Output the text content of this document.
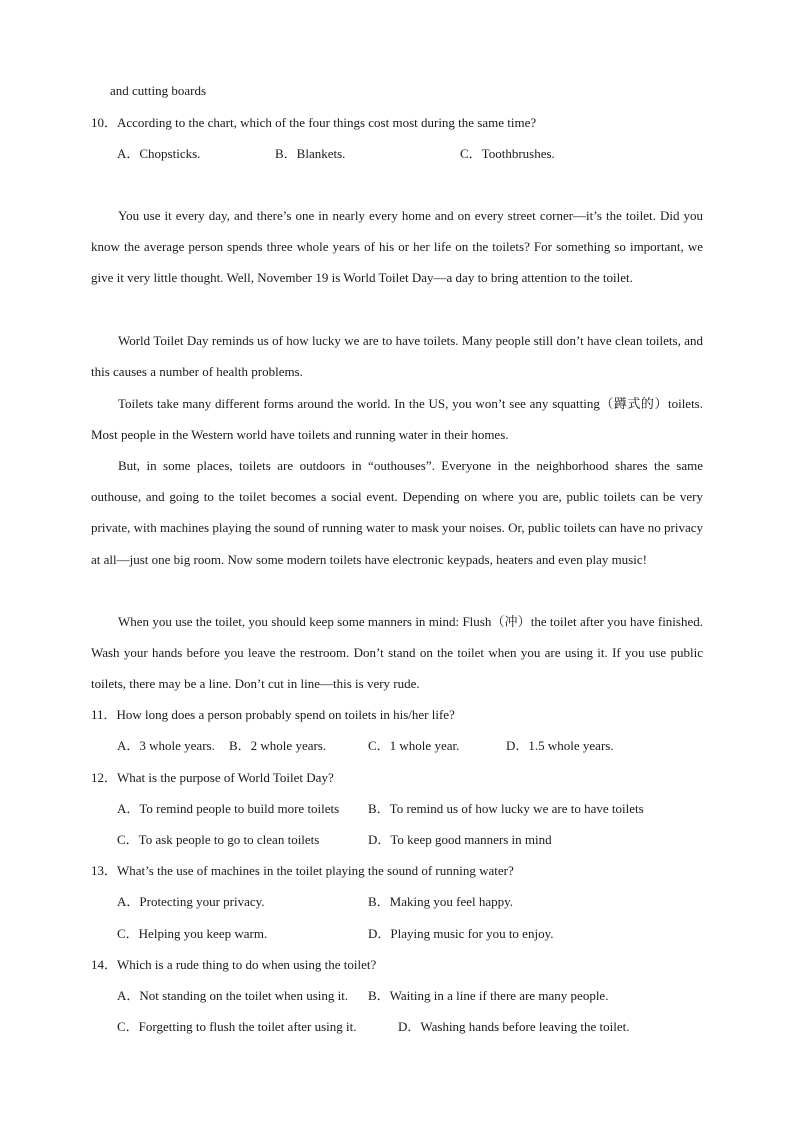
and cutting boards
10．According to the chart, which of the four things cost most during the same time?
A．Chopsticks.	B．Blankets.	C．Toothbrushes.
You use it every day, and there’s one in nearly every home and on every street corner—it’s the toilet. Did you know the average person spends three whole years of his or her life on the toilets? For something so important, we give it very little thought. Well, November 19 is World Toilet Day—a day to bring attention to the toilet.
World Toilet Day reminds us of how lucky we are to have toilets. Many people still don’t have clean toilets, and this causes a number of health problems.
Toilets take many different forms around the world. In the US, you won’t see any squatting（蹲式的）toilets. Most people in the Western world have toilets and running water in their homes.
But, in some places, toilets are outdoors in “outhouses”. Everyone in the neighborhood shares the same outhouse, and going to the toilet becomes a social event. Depending on where you are, public toilets can be very private, with machines playing the sound of running water to mask your noises. Or, public toilets can have no privacy at all—just one big room. Now some modern toilets have electronic keypads, heaters and even play music!
When you use the toilet, you should keep some manners in mind: Flush（冲）the toilet after you have finished. Wash your hands before you leave the restroom. Don’t stand on the toilet when you are using it. If you use public toilets, there may be a line. Don’t cut in line—this is very rude.
11．How long does a person probably spend on toilets in his/her life?
A．3 whole years. B．2 whole years.	C．1 whole year.	D．1.5 whole years.
12．What is the purpose of World Toilet Day?
A．To remind people to build more toilets B．To remind us of how lucky we are to have toilets
C．To ask people to go to clean toilets	D．To keep good manners in mind
13．What’s the use of machines in the toilet playing the sound of running water?
A．Protecting your privacy.	B．Making you feel happy.
C．Helping you keep warm.	D．Playing music for you to enjoy.
14．Which is a rude thing to do when using the toilet?
A．Not standing on the toilet when using it. B．Waiting in a line if there are many people.
C．Forgetting to flush the toilet after using it.	D．Washing hands before leaving the toilet.
